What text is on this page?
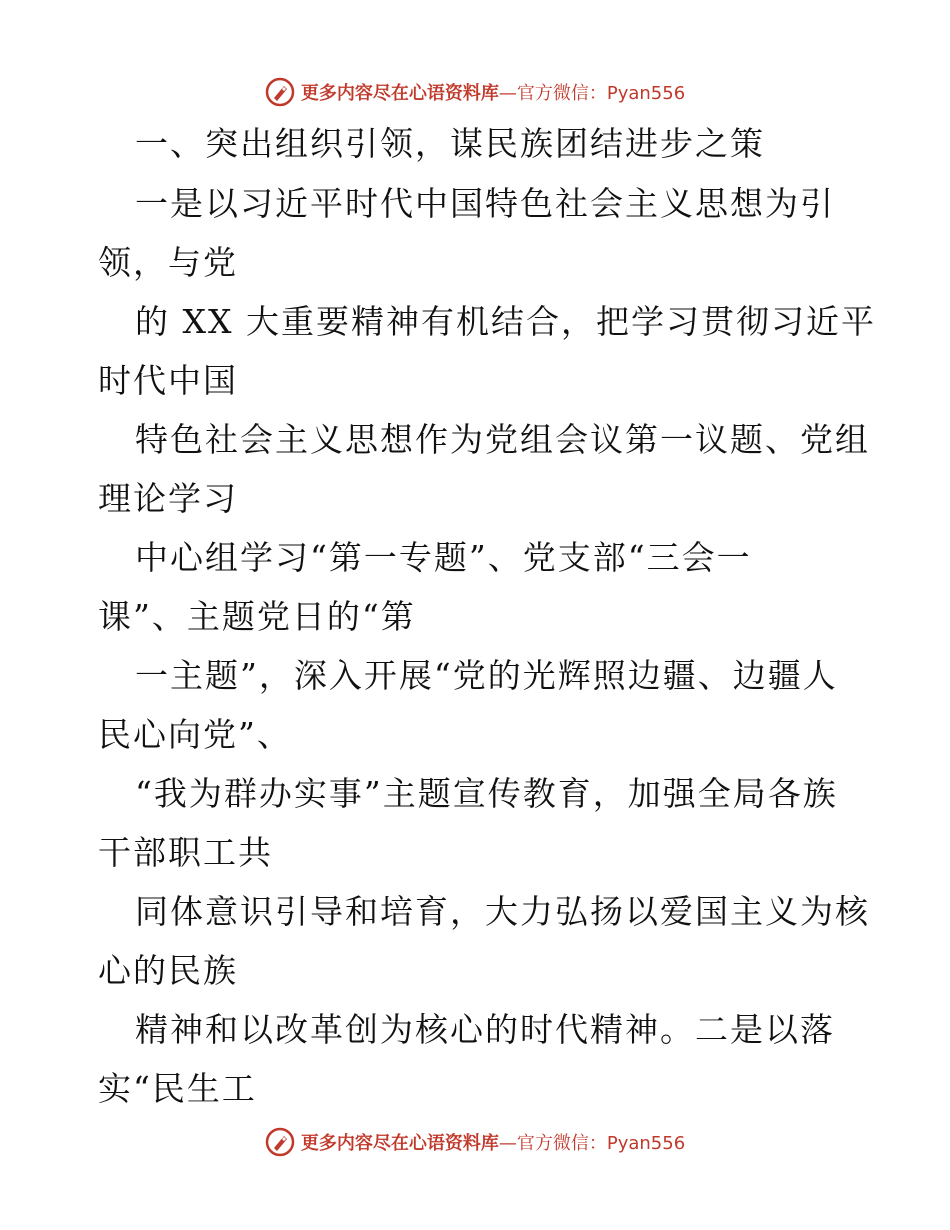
更多内容尽在心语资料库—官方微信：Pyan556
一、突出组织引领，谋民族团结进步之策
一是以习近平时代中国特色社会主义思想为引
领，与党
的 XX 大重要精神有机结合，把学习贯彻习近平
时代中国
特色社会主义思想作为党组会议第一议题、党组
理论学习
中心组学习“第一专题”、党支部“三会一
课”、主题党日的“第
一主题”，深入开展“党的光辉照边疆、边疆人
民心向党”、
“我为群办实事”主题宣传教育，加强全局各族
干部职工共
同体意识引导和培育，大力弘扬以爱国主义为核
心的民族
精神和以改革创为核心的时代精神。二是以落
实“民生工
更多内容尽在心语资料库—官方微信：Pyan556
